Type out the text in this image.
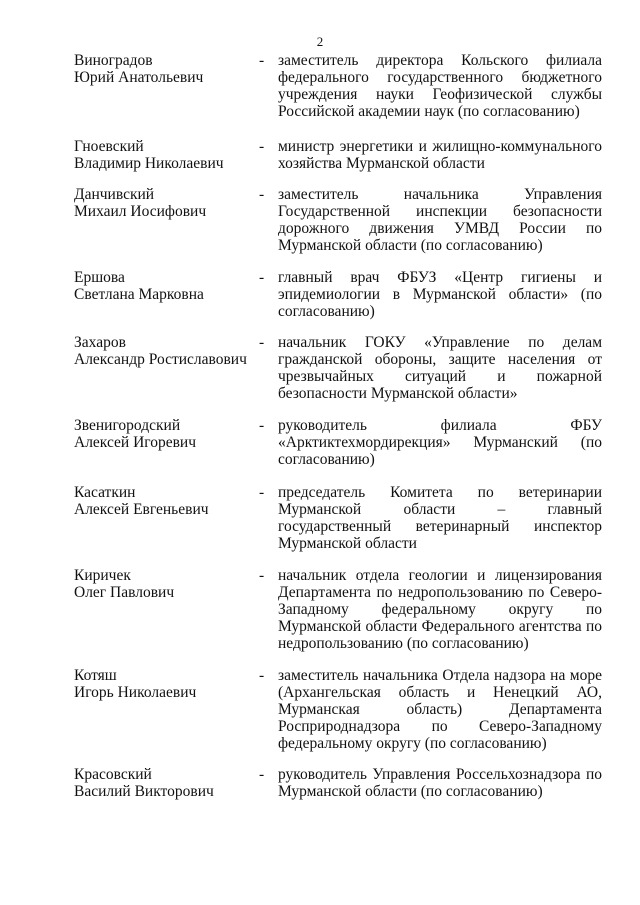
2
Виноградов
Юрий Анатольевич
- заместитель директора Кольского филиала федерального государственного бюджетного учреждения науки Геофизической службы Российской академии наук (по согласованию)
Гноевский
Владимир Николаевич
- министр энергетики и жилищно-коммунального хозяйства Мурманской области
Данчивский
Михаил Иосифович
- заместитель начальника Управления Государственной инспекции безопасности дорожного движения УМВД России по Мурманской области (по согласованию)
Ершова
Светлана Марковна
- главный врач ФБУЗ «Центр гигиены и эпидемиологии в Мурманской области» (по согласованию)
Захаров
Александр Ростиславович
- начальник ГОКУ «Управление по делам гражданской обороны, защите населения от чрезвычайных ситуаций и пожарной безопасности Мурманской области»
Звенигородский
Алексей Игоревич
- руководитель филиала ФБУ «Арктиктехмордирекция» Мурманский (по согласованию)
Касаткин
Алексей Евгеньевич
- председатель Комитета по ветеринарии Мурманской области – главный государственный ветеринарный инспектор Мурманской области
Киричек
Олег Павлович
- начальник отдела геологии и лицензирования Департамента по недропользованию по Северо-Западному федеральному округу по Мурманской области Федерального агентства по недропользованию (по согласованию)
Котяш
Игорь Николаевич
- заместитель начальника Отдела надзора на море (Архангельская область и Ненецкий АО, Мурманская область) Департамента Росприроднадзора по Северо-Западному федеральному округу (по согласованию)
Красовский
Василий Викторович
- руководитель Управления Россельхознадзора по Мурманской области (по согласованию)
